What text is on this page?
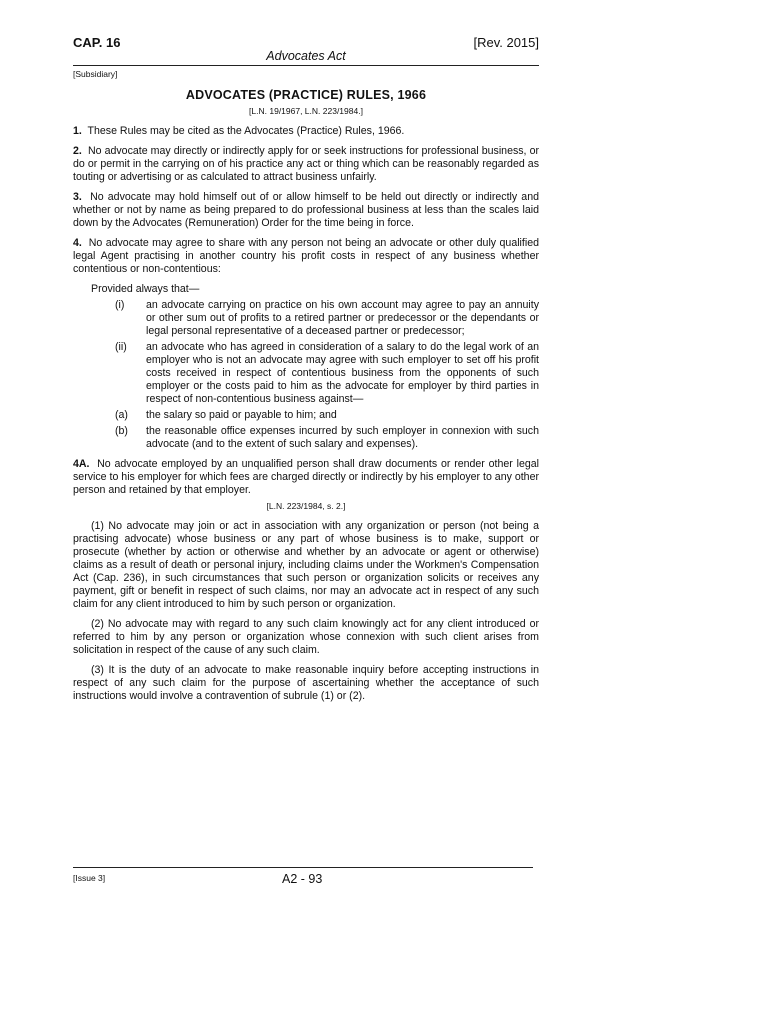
CAP. 16	[Rev. 2015]
Advocates Act
[Subsidiary]
ADVOCATES (PRACTICE) RULES, 1966
[L.N. 19/1967, L.N. 223/1984.]

1. These Rules may be cited as the Advocates (Practice) Rules, 1966.

2. No advocate may directly or indirectly apply for or seek instructions for professional business, or do or permit in the carrying on of his practice any act or thing which can be reasonably regarded as touting or advertising or as calculated to attract business unfairly.

3. No advocate may hold himself out of or allow himself to be held out directly or indirectly and whether or not by name as being prepared to do professional business at less than the scales laid down by the Advocates (Remuneration) Order for the time being in force.

4. No advocate may agree to share with any person not being an advocate or other duly qualified legal Agent practising in another country his profit costs in respect of any business whether contentious or non-contentious:

Provided always that—

(i)	an advocate carrying on practice on his own account may agree to pay an annuity or other sum out of profits to a retired partner or predecessor or the dependants or legal personal representative of a deceased partner or predecessor;
(ii)	an advocate who has agreed in consideration of a salary to do the legal work of an employer who is not an advocate may agree with such employer to set off his profit costs received in respect of contentious business from the opponents of such employer or the costs paid to him as the advocate for employer by third parties in respect of non-contentious business against—
(a)	the salary so paid or payable to him; and
(b)	the reasonable office expenses incurred by such employer in connexion with such advocate (and to the extent of such salary and expenses).

4A. No advocate employed by an unqualified person shall draw documents or render other legal service to his employer for which fees are charged directly or indirectly by his employer to any other person and retained by that employer.

[L.N. 223/1984, s. 2.]

(1) No advocate may join or act in association with any organization or person (not being a practising advocate) whose business or any part of whose business is to make, support or prosecute (whether by action or otherwise and whether by an advocate or agent or otherwise) claims as a result of death or personal injury, including claims under the Workmen's Compensation Act (Cap. 236), in such circumstances that such person or organization solicits or receives any payment, gift or benefit in respect of such claims, nor may an advocate act in respect of any such claim for any client introduced to him by such person or organization.

(2) No advocate may with regard to any such claim knowingly act for any client introduced or referred to him by any person or organization whose connexion with such client arises from solicitation in respect of the cause of any such claim.

(3) It is the duty of an advocate to make reasonable inquiry before accepting instructions in respect of any such claim for the purpose of ascertaining whether the acceptance of such instructions would involve a contravention of subrule (1) or (2).

[Issue 3]	A2 - 93
